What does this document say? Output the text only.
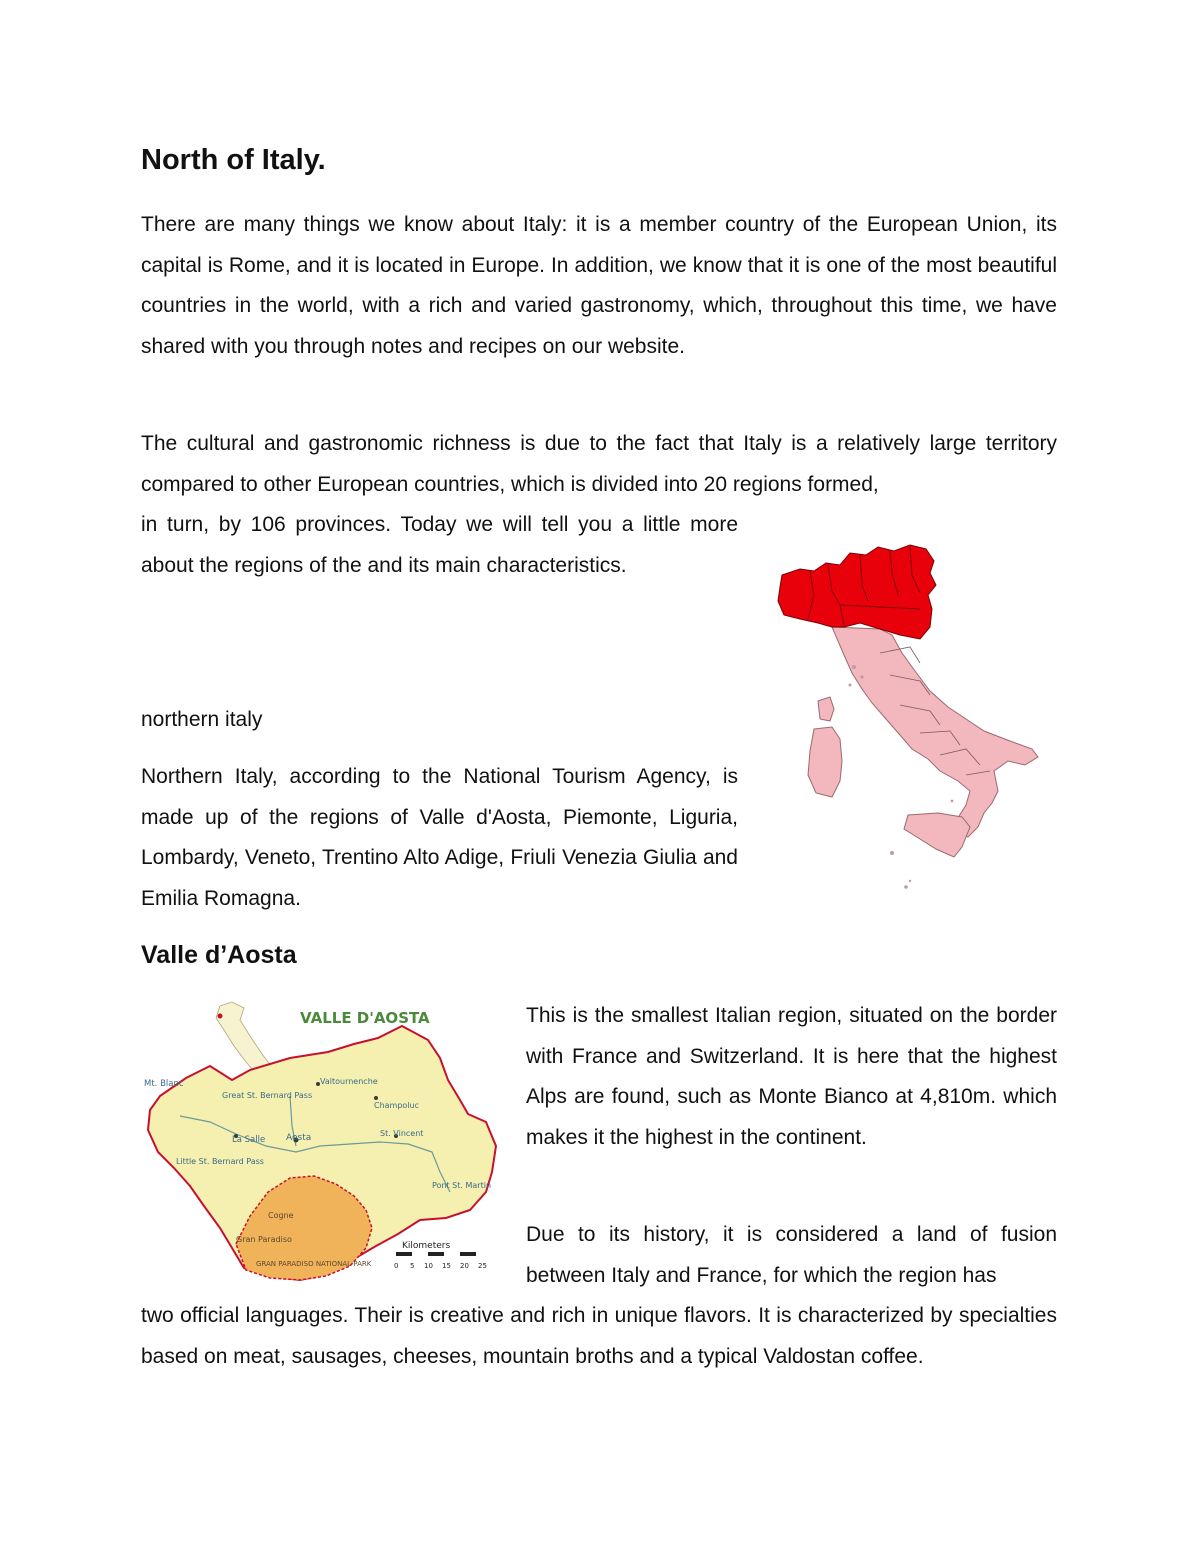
North of Italy.

There are many things we know about Italy: it is a member country of the European Union, its capital is Rome, and it is located in Europe. In addition, we know that it is one of the most beautiful countries in the world, with a rich and varied gastronomy, which, throughout this time, we have shared with you through notes and recipes on our website.

The cultural and gastronomic richness is due to the fact that Italy is a relatively large territory compared to other European countries, which is divided into 20 regions formed,

in turn, by 106 provinces. Today we will tell you a little more about the regions of the and its main characteristics.

northern italy

Northern Italy, according to the National Tourism Agency, is made up of the regions of Valle d'Aosta, Piemonte, Liguria, Lombardy, Veneto, Trentino Alto Adige, Friuli Venezia Giulia and Emilia Romagna.

Valle d’Aosta
VALLE D'AOSTA
Mt. Blanc
Great St. Bernard Pass
Valtournenche
Champoluc
La Salle Aosta	St. Vincent
Little St. Bernard Pass
Pont St. Martin
Cogne
Gran Paradiso
GRAN PARADISO NATIONAL PARK
Kilometers
0 5 10 15 20 25

This is the smallest Italian region, situated on the border with France and Switzerland. It is here that the highest Alps are found, such as Monte Bianco at 4,810m. which makes it the highest in the continent.

Due to its history, it is considered a land of fusion between Italy and France, for which the region has

two official languages. Their is creative and rich in unique flavors. It is characterized by specialties based on meat, sausages, cheeses, mountain broths and a typical Valdostan coffee.
